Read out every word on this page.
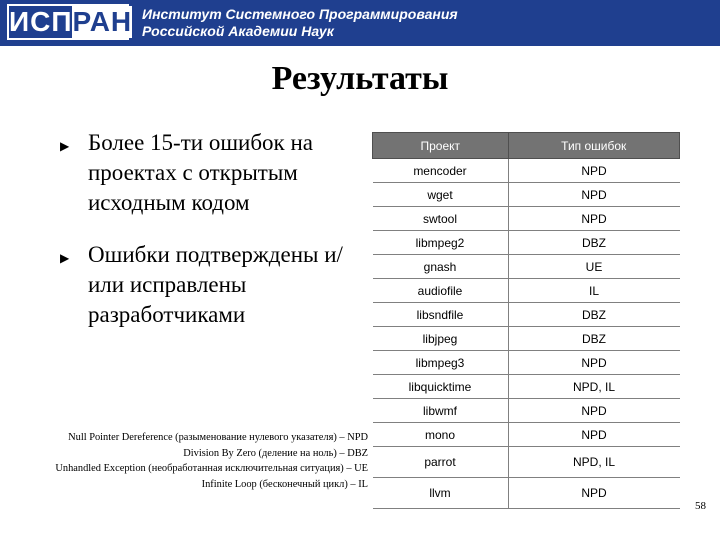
ИСП РАН Институт Системного Программирования
Российской Академии Наук
Результаты
▶ Более 15-ти ошибок на проектах с открытым исходным кодом
▶ Ошибки подтверждены и/или исправлены разработчиками
Null Pointer Dereference (разыменование нулевого указателя) – NPD
Division By Zero (деление на ноль) – DBZ
Unhandled Exception (необработанная исключительная ситуация) – UE
Infinite Loop (бесконечный цикл) – IL
Проект	Тип ошибок
mencoder	NPD
wget	NPD
swtool	NPD
libmpeg2	DBZ
gnash	UE
audiofile	IL
libsndfile	DBZ
libjpeg	DBZ
libmpeg3	NPD
libquicktime	NPD, IL
libwmf	NPD
mono	NPD
parrot	NPD, IL
llvm	NPD
58
